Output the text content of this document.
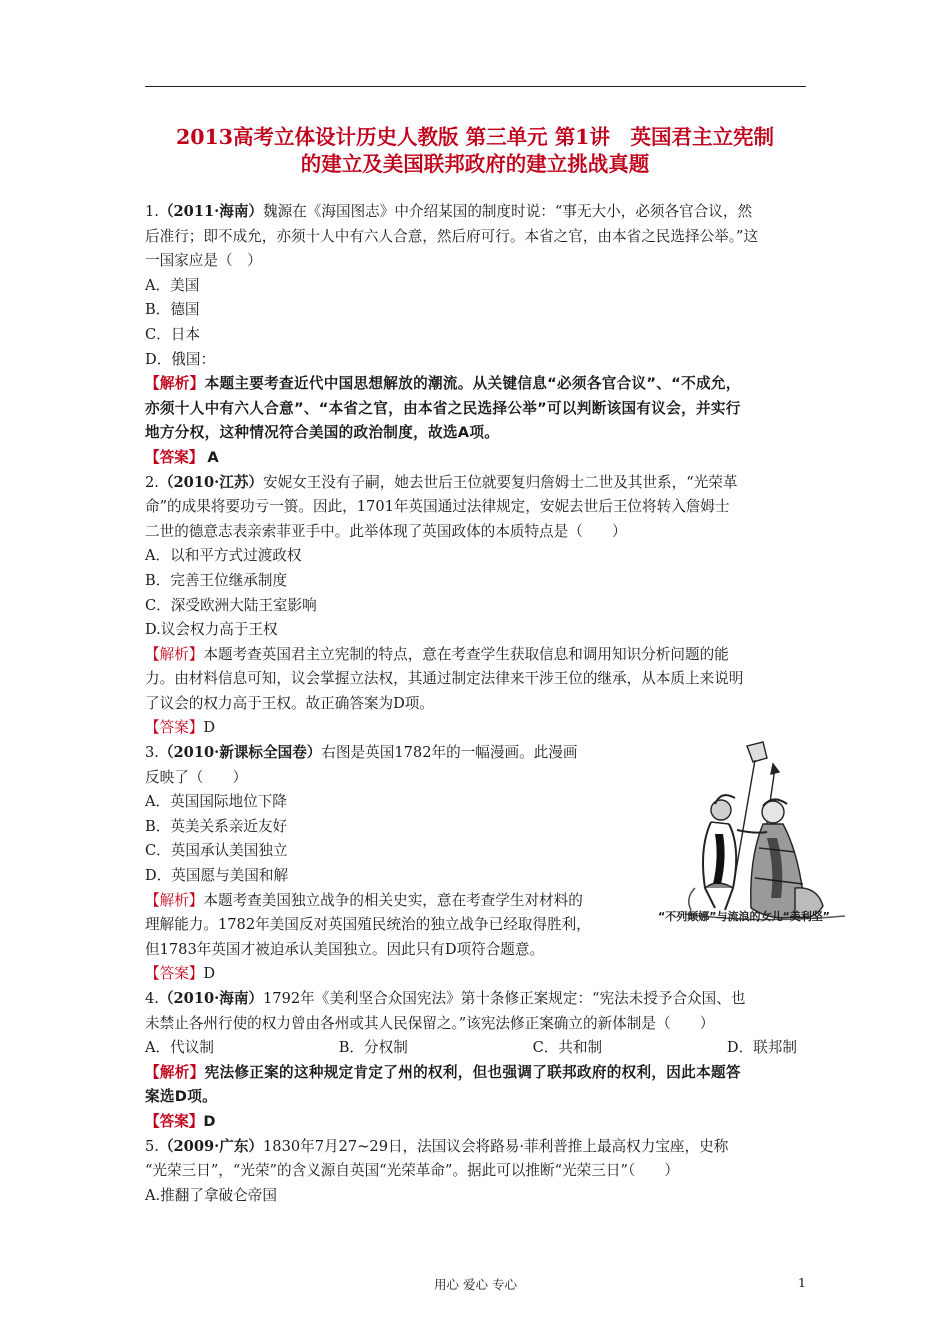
2013高考立体设计历史人教版 第三单元 第1讲　英国君主立宪制
的建立及美国联邦政府的建立挑战真题
1.（2011·海南）魏源在《海国图志》中介绍某国的制度时说：“事无大小，必须各官合议，然
后准行；即不成允，亦须十人中有六人合意，然后府可行。本省之官，由本省之民选择公举。”这
一国家应是（　）
A．美国
B．德国
C．日本
D．俄国：
【解析】本题主要考查近代中国思想解放的潮流。从关键信息“必须各官合议”、“不成允，
亦须十人中有六人合意”、“本省之官，由本省之民选择公举”可以判断该国有议会，并实行
地方分权，这种情况符合美国的政治制度，故选A项。
【答案】 A
2.（2010·江苏）安妮女王没有子嗣，她去世后王位就要复归詹姆士二世及其世系，“光荣革
命”的成果将要功亏一篑。因此，1701年英国通过法律规定，安妮去世后王位将转入詹姆士
二世的德意志表亲索菲亚手中。此举体现了英国政体的本质特点是（　　）
A．以和平方式过渡政权
B．完善王位继承制度
C．深受欧洲大陆王室影响
D.议会权力高于王权
【解析】本题考查英国君主立宪制的特点，意在考查学生获取信息和调用知识分析问题的能
力。由材料信息可知，议会掌握立法权，其通过制定法律来干涉王位的继承，从本质上来说明
了议会的权力高于王权。故正确答案为D项。
【答案】D
3.（2010·新课标全国卷）右图是英国1782年的一幅漫画。此漫画
反映了（　　）
A．英国国际地位下降
B．英美关系亲近友好
C．英国承认美国独立
D．英国愿与美国和解
【解析】本题考查美国独立战争的相关史实，意在考查学生对材料的
理解能力。1782年美国反对英国殖民统治的独立战争已经取得胜利，
但1783年英国才被迫承认美国独立。因此只有D项符合题意。
【答案】D
4.（2010·海南）1792年《美利坚合众国宪法》第十条修正案规定：“宪法未授予合众国、也
未禁止各州行使的权力曾由各州或其人民保留之。”该宪法修正案确立的新体制是（　　）
A．代议制	B．分权制	C．共和制	D．联邦制
【解析】宪法修正案的这种规定肯定了州的权利，但也强调了联邦政府的权利，因此本题答
案选D项。
【答案】D
5.（2009·广东）1830年7月27~29日，法国议会将路易·菲利普推上最高权力宝座，史称
“光荣三日”，“光荣”的含义源自英国“光荣革命”。据此可以推断“光荣三日”（　　）
A.推翻了拿破仑帝国
“不列颠娜”与流浪的女儿“美利坚”
用心 爱心 专心	1
